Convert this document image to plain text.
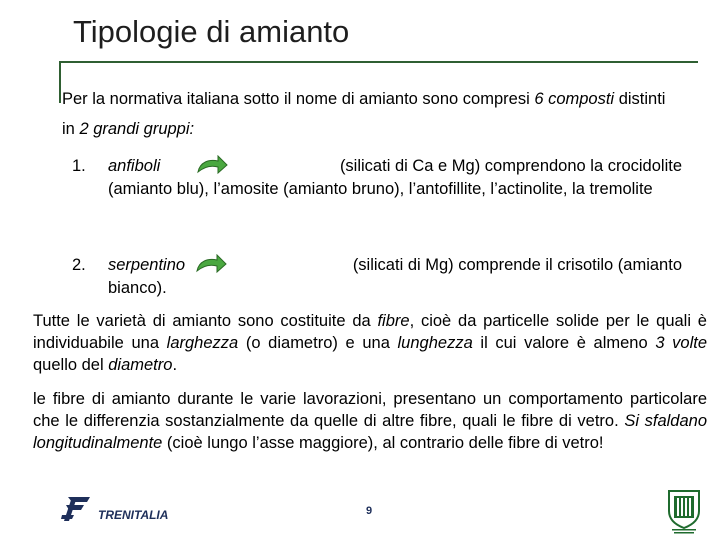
Tipologie di amianto
Per la normativa italiana sotto il nome di amianto sono compresi 6 composti distinti in 2 grandi gruppi:
1. anfiboli	(silicati di Ca e Mg) comprendono la crocidolite
(amianto blu), l’amosite (amianto bruno), l’antofillite, l’actinolite, la tremolite
2. serpentino	(silicati di Mg) comprende il crisotilo (amianto
bianco).
Tutte le varietà di amianto sono costituite da fibre, cioè da particelle solide per le quali è individuabile una larghezza (o diametro) e una lunghezza il cui valore è almeno 3 volte quello del diametro.
le fibre di amianto durante le varie lavorazioni, presentano un comportamento particolare che le differenzia sostanzialmente da quelle di altre fibre, quali le fibre di vetro. Si sfaldano longitudinalmente (cioè lungo l’asse maggiore), al contrario delle fibre di vetro!
TRENITALIA	9
